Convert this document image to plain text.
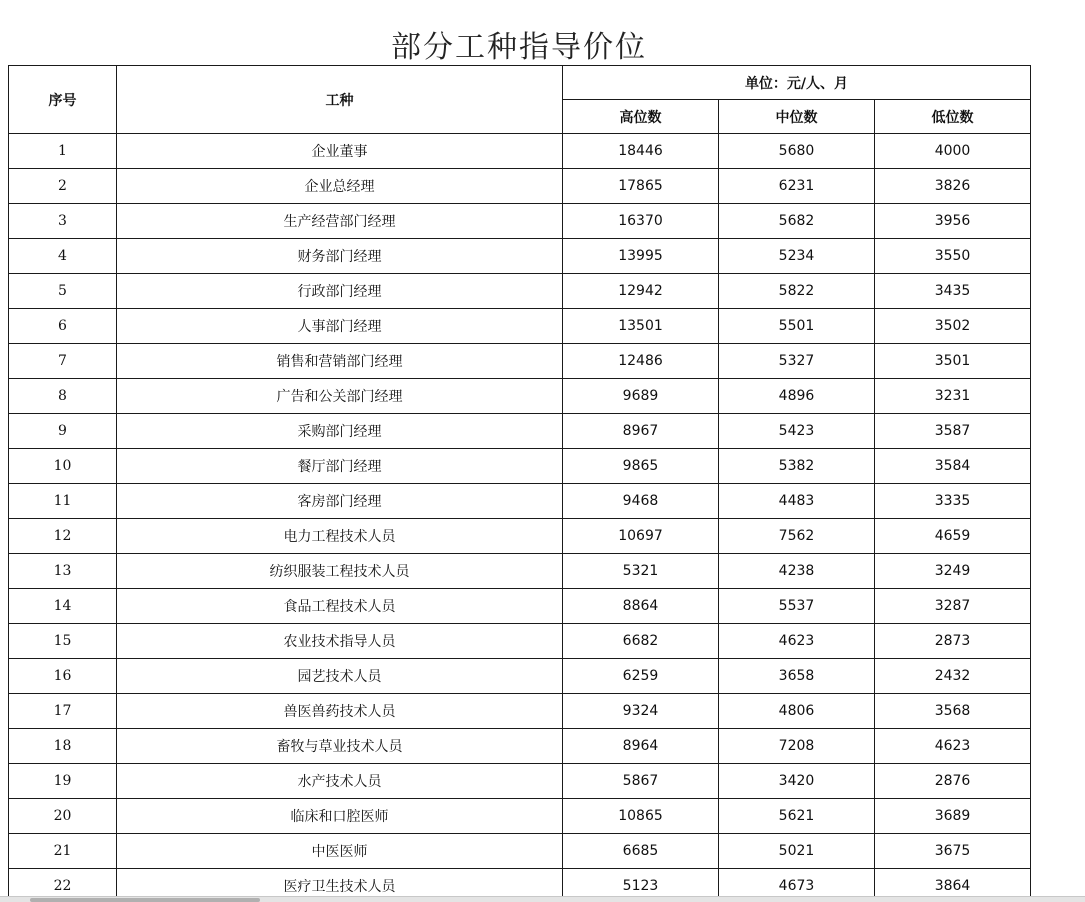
部分工种指导价位
序号	工种	单位：元/人、月		
		高位数	中位数	低位数
1	企业董事	18446	5680	4000
2	企业总经理	17865	6231	3826
3	生产经营部门经理	16370	5682	3956
4	财务部门经理	13995	5234	3550
5	行政部门经理	12942	5822	3435
6	人事部门经理	13501	5501	3502
7	销售和营销部门经理	12486	5327	3501
8	广告和公关部门经理	9689	4896	3231
9	采购部门经理	8967	5423	3587
10	餐厅部门经理	9865	5382	3584
11	客房部门经理	9468	4483	3335
12	电力工程技术人员	10697	7562	4659
13	纺织服装工程技术人员	5321	4238	3249
14	食品工程技术人员	8864	5537	3287
15	农业技术指导人员	6682	4623	2873
16	园艺技术人员	6259	3658	2432
17	兽医兽药技术人员	9324	4806	3568
18	畜牧与草业技术人员	8964	7208	4623
19	水产技术人员	5867	3420	2876
20	临床和口腔医师	10865	5621	3689
21	中医医师	6685	5021	3675
22	医疗卫生技术人员	5123	4673	3864
